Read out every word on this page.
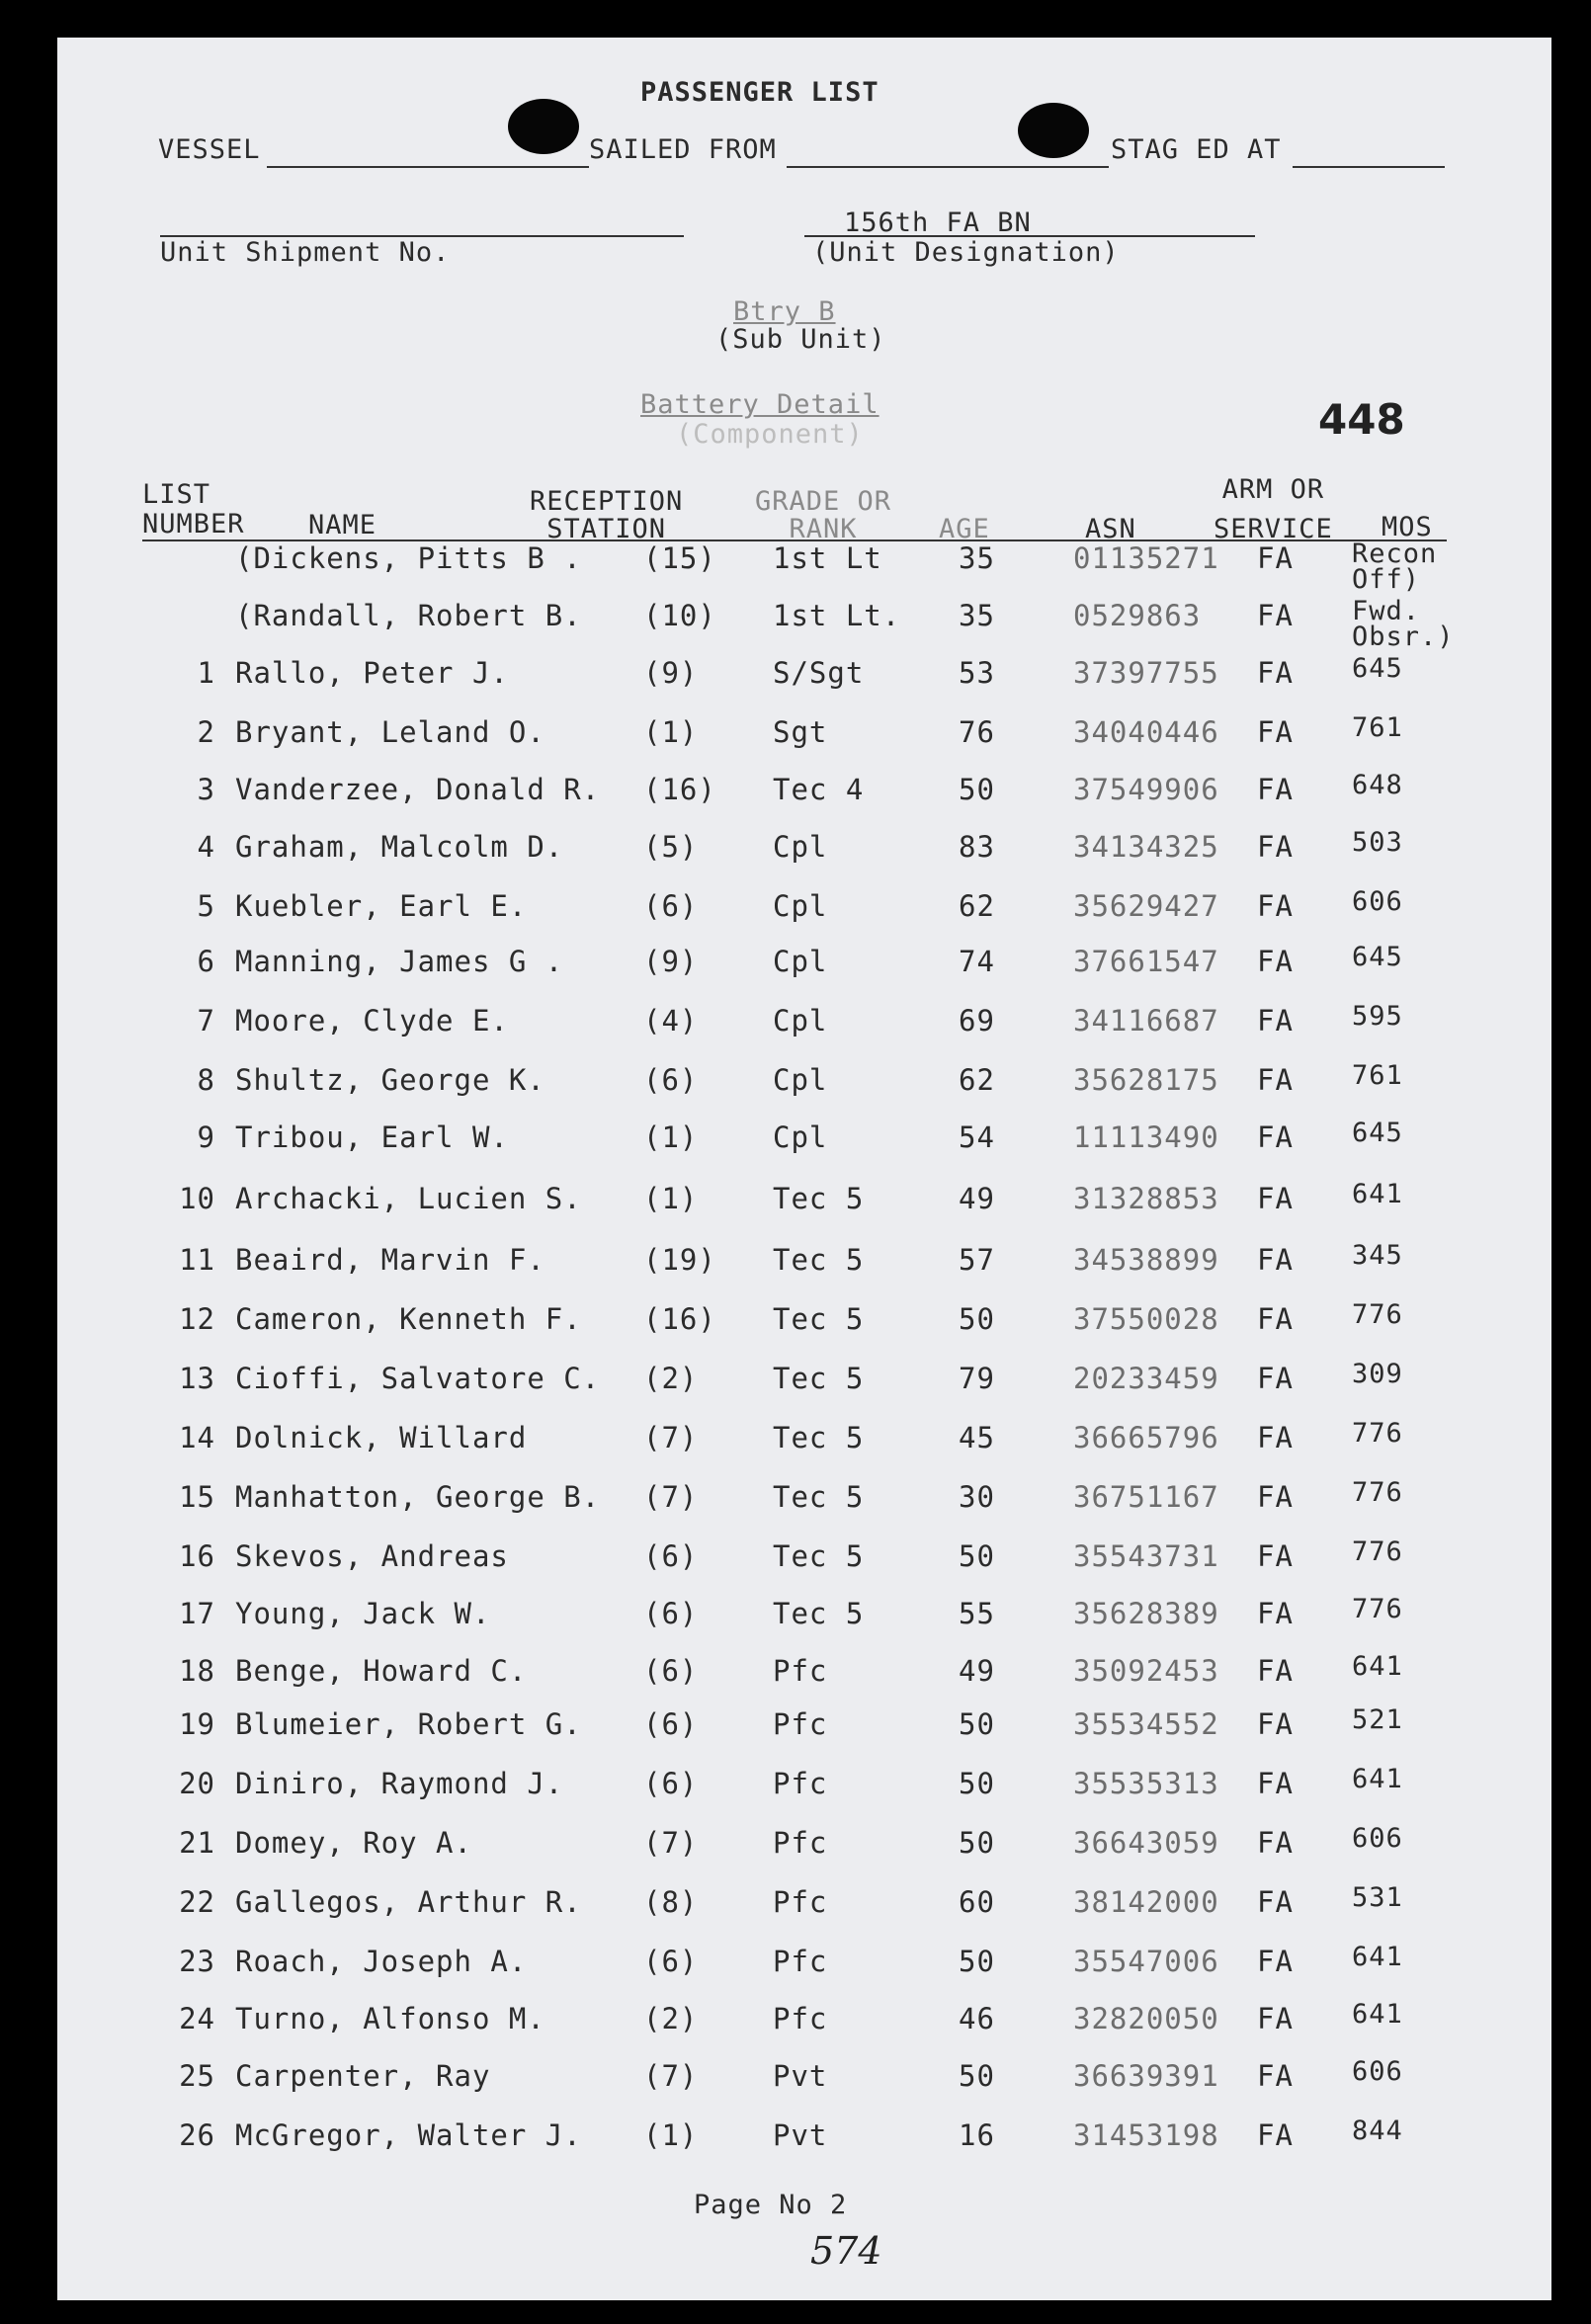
PASSENGER LIST
VESSEL	SAILED FROM	STAG ED AT
156th FA BN
(Unit Designation)
Unit Shipment No.
Btry B
(Sub Unit)
Battery Detail
(Component)	448
LIST
NUMBER NAME
RECEPTION
STATION
GRADE OR
RANK	AGE	ASN
ARM OR
SERVICE MOS
(Dickens, Pitts B . (15) 1st Lt	35	01135271 FA Recon
Off)
(Randall, Robert B. (10) 1st Lt. 35	0529863 FA Fwd.
Obsr.)
1 Rallo, Peter J.	(9)	S/Sgt	53	37397755 FA 645
2 Bryant, Leland O.	(1)	Sgt	76	34040446 FA 761
3 Vanderzee, Donald R. (16) Tec 4	50	37549906 FA 648
4 Graham, Malcolm D.	(5)	Cpl	83	34134325 FA 503
5 Kuebler, Earl E.	(6)	Cpl	62	35629427 FA 606
6 Manning, James G .	(9)	Cpl	74	37661547 FA 645
7 Moore, Clyde E.	(4)	Cpl	69	34116687 FA 595
8 Shultz, George K.	(6)	Cpl	62	35628175 FA 761
9 Tribou, Earl W.	(1)	Cpl	54	11113490 FA 645
10 Archacki, Lucien S. (1)	Tec 5	49	31328853 FA 641
11 Beaird, Marvin F.	(19) Tec 5	57	34538899 FA 345
12 Cameron, Kenneth F. (16) Tec 5	50	37550028 FA 776
13 Cioffi, Salvatore C. (2)	Tec 5	79	20233459 FA 309
14 Dolnick, Willard	(7)	Tec 5	45	36665796 FA 776
15 Manhatton, George B. (7)	Tec 5	30	36751167 FA 776
16 Skevos, Andreas	(6)	Tec 5	50	35543731 FA 776
17 Young, Jack W.	(6)	Tec 5	55	35628389 FA 776
18 Benge, Howard C.	(6)	Pfc	49	35092453 FA 641
19 Blumeier, Robert G. (6)	Pfc	50	35534552 FA 521
20 Diniro, Raymond J.	(6)	Pfc	50	35535313 FA 641
21 Domey, Roy A.	(7)	Pfc	50	36643059 FA 606
22 Gallegos, Arthur R. (8)	Pfc	60	38142000 FA 531
23 Roach, Joseph A.	(6)	Pfc	50	35547006 FA 641
24 Turno, Alfonso M.	(2)	Pfc	46	32820050 FA 641
25 Carpenter, Ray	(7)	Pvt	50	36639391 FA 606
26 McGregor, Walter J. (1)	Pvt	16	31453198 FA 844
Page No 2
574
